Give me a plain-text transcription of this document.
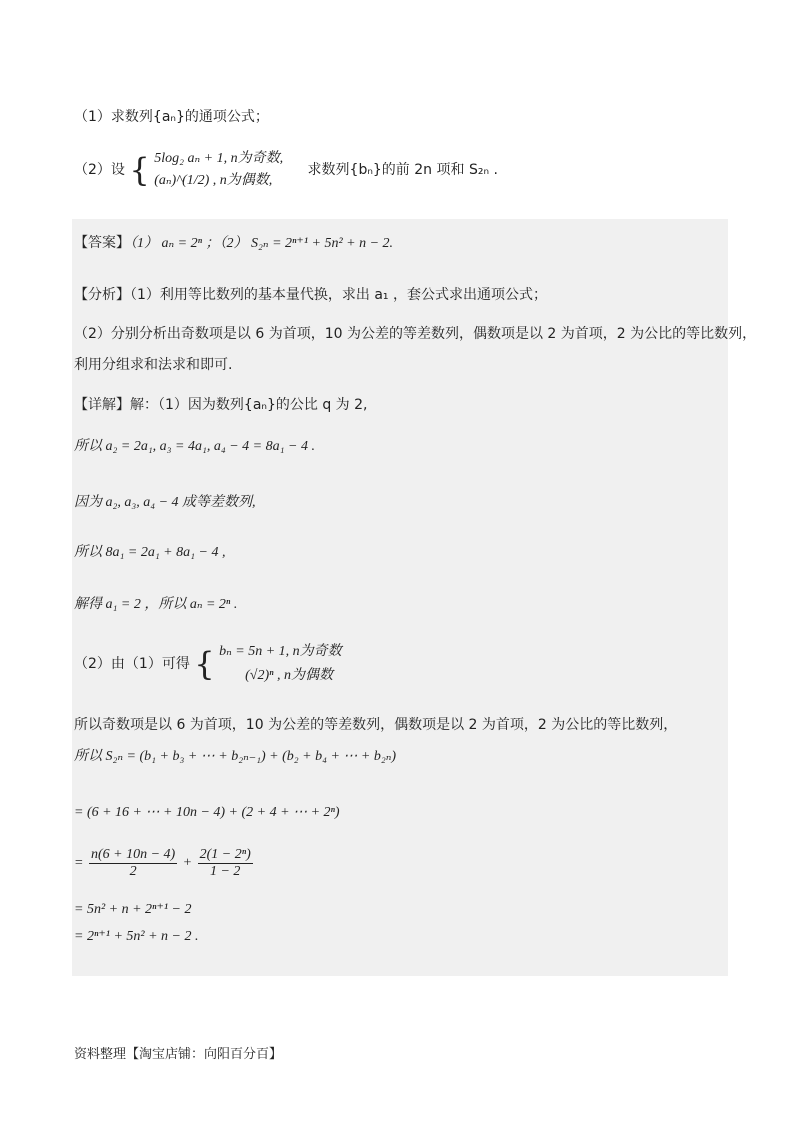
（1）求数列{aₙ}的通项公式；
（2）设 { 5log₂ aₙ + 1, n为奇数,
(aₙ)^(1/2) , n为偶数,
求数列{bₙ}的前 2n 项和 S₂ₙ .
【答案】（1） aₙ = 2ⁿ ；（2） S₂ₙ = 2ⁿ⁺¹ + 5n² + n − 2.
【分析】（1）利用等比数列的基本量代换，求出 a₁ ，套公式求出通项公式；
（2）分别分析出奇数项是以 6 为首项，10 为公差的等差数列，偶数项是以 2 为首项，2 为公比的等比数列，
利用分组求和法求和即可.
【详解】解：（1）因为数列{aₙ}的公比 q 为 2,
所以 a₂ = 2a₁, a₃ = 4a₁, a₄ − 4 = 8a₁ − 4 .
因为 a₂, a₃, a₄ − 4 成等差数列,
所以 8a₁ = 2a₁ + 8a₁ − 4 ,
解得 a₁ = 2 ，所以 aₙ = 2ⁿ .
（2）由（1）可得 { bₙ = 5n + 1, n为奇数
(√2)ⁿ , n为偶数
所以奇数项是以 6 为首项，10 为公差的等差数列，偶数项是以 2 为首项，2 为公比的等比数列，
所以 S₂ₙ = (b₁ + b₃ + ⋯ + b₂ₙ₋₁) + (b₂ + b₄ + ⋯ + b₂ₙ)
= (6 + 16 + ⋯ + 10n − 4) + (2 + 4 + ⋯ + 2ⁿ)
= $\frac{n(6 + 10n - 4)}{2} + \frac{\text{2(1 − 2ⁿ)}}{1 - 2}$
= 5n² + n + 2ⁿ⁺¹ − 2
= 2ⁿ⁺¹ + 5n² + n − 2 .
资料整理【淘宝店铺：向阳百分百】
